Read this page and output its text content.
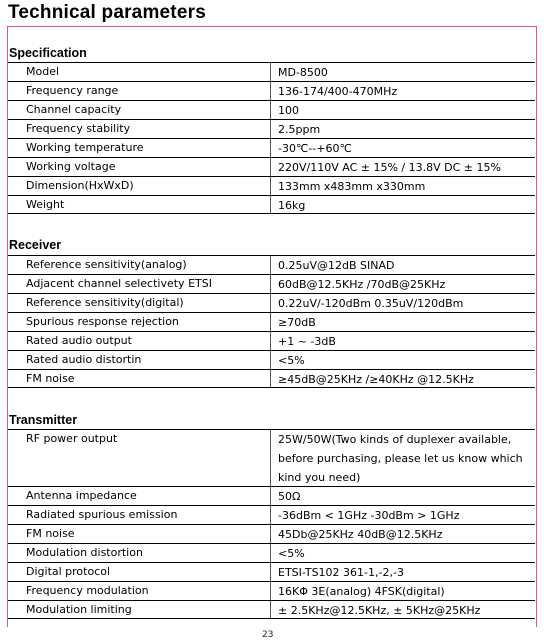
Technical parameters
Specification
Model	MD-8500
Frequency range	136-174/400-470MHz
Channel capacity	100
Frequency stability	2.5ppm
Working temperature	-30℃--+60℃
Working voltage	220V/110V AC ± 15% / 13.8V DC ± 15%
Dimension(HxWxD)	133mm x483mm x330mm
Weight	16kg
Receiver
Reference sensitivity(analog)	0.25uV@12dB SINAD
Adjacent channel selectivety ETSI	60dB@12.5KHz /70dB@25KHz
Reference sensitivity(digital)	0.22uV/-120dBm 0.35uV/120dBm
Spurious response rejection	≥70dB
Rated audio output	+1 ~ -3dB
Rated audio distortin	<5%
FM noise	≥45dB@25KHz /≥40KHz @12.5KHz
Transmitter
RF power output	25W/50W(Two kinds of duplexer available, before purchasing, please let us know which kind you need)
Antenna impedance	50Ω
Radiated spurious emission	-36dBm < 1GHz -30dBm > 1GHz
FM noise	45Db@25KHz 40dB@12.5KHz
Modulation distortion	<5%
Digital protocol	ETSI-TS102 361-1,-2,-3
Frequency modulation	16KΦ 3E(analog) 4FSK(digital)
Modulation limiting	± 2.5KHz@12.5KHz, ± 5KHz@25KHz
23
